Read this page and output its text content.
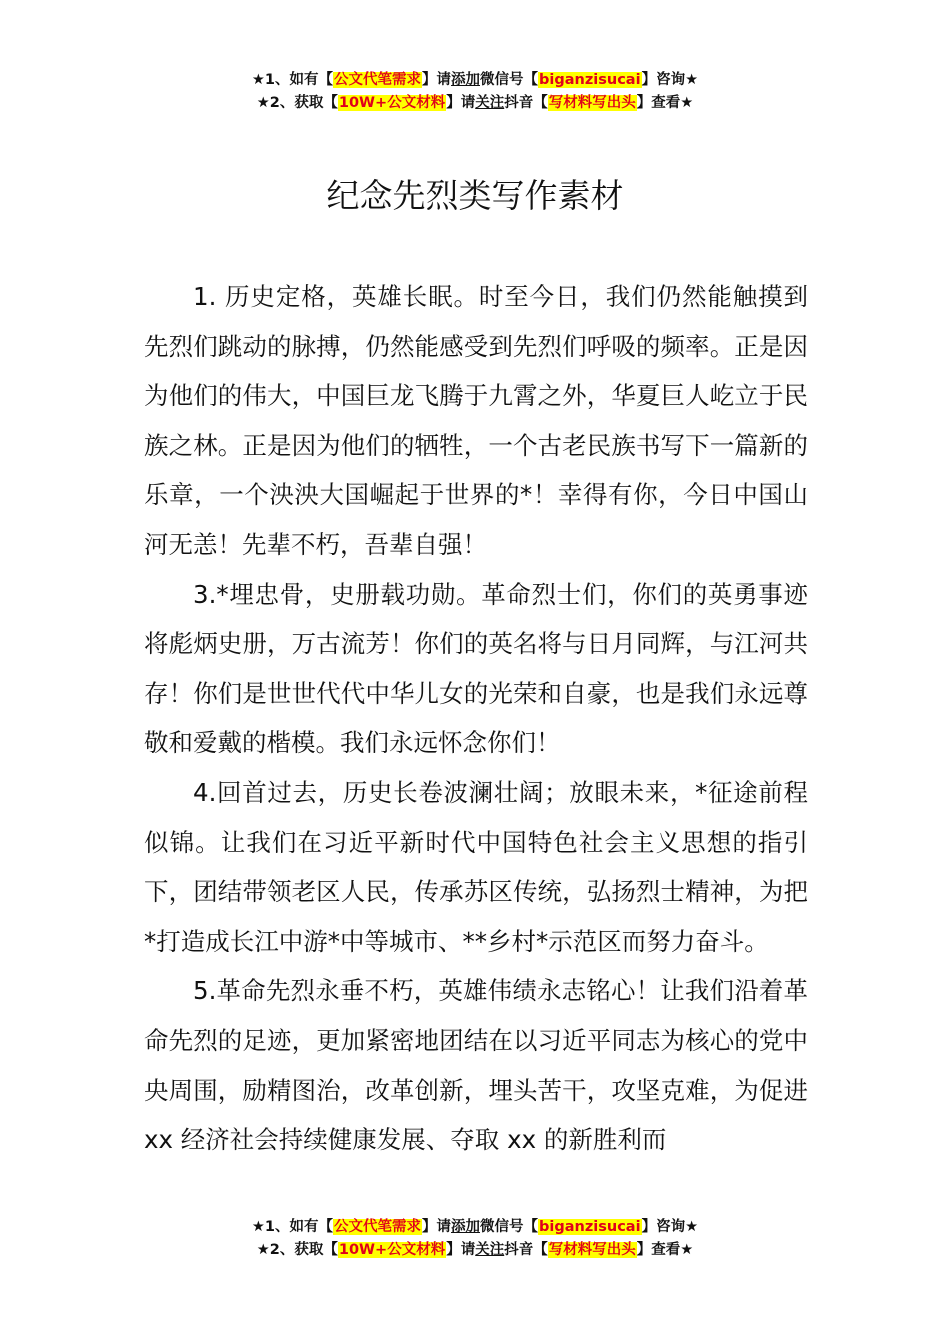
★1、如有【公文代笔需求】请添加微信号【biganzisucai】咨询★
★2、获取【10W+公文材料】请关注抖音【写材料写出头】查看★
纪念先烈类写作素材

1. 历史定格，英雄长眠。时至今日，我们仍然能触摸到先烈们跳动的脉搏，仍然能感受到先烈们呼吸的频率。正是因为他们的伟大，中国巨龙飞腾于九霄之外，华夏巨人屹立于民族之林。正是因为他们的牺牲，一个古老民族书写下一篇新的乐章，一个泱泱大国崛起于世界的*！幸得有你，今日中国山河无恙！先辈不朽，吾辈自强！

3.*埋忠骨，史册载功勋。革命烈士们，你们的英勇事迹将彪炳史册，万古流芳！你们的英名将与日月同辉，与江河共存！你们是世世代代中华儿女的光荣和自豪，也是我们永远尊敬和爱戴的楷模。我们永远怀念你们！

4.回首过去，历史长卷波澜壮阔；放眼未来，*征途前程似锦。让我们在习近平新时代中国特色社会主义思想的指引下，团结带领老区人民，传承苏区传统，弘扬烈士精神，为把*打造成长江中游*中等城市、**乡村*示范区而努力奋斗。

5.革命先烈永垂不朽，英雄伟绩永志铭心！让我们沿着革命先烈的足迹，更加紧密地团结在以习近平同志为核心的党中央周围，励精图治，改革创新，埋头苦干，攻坚克难，为促进 xx 经济社会持续健康发展、夺取 xx 的新胜利而

★1、如有【公文代笔需求】请添加微信号【biganzisucai】咨询★
★2、获取【10W+公文材料】请关注抖音【写材料写出头】查看★
